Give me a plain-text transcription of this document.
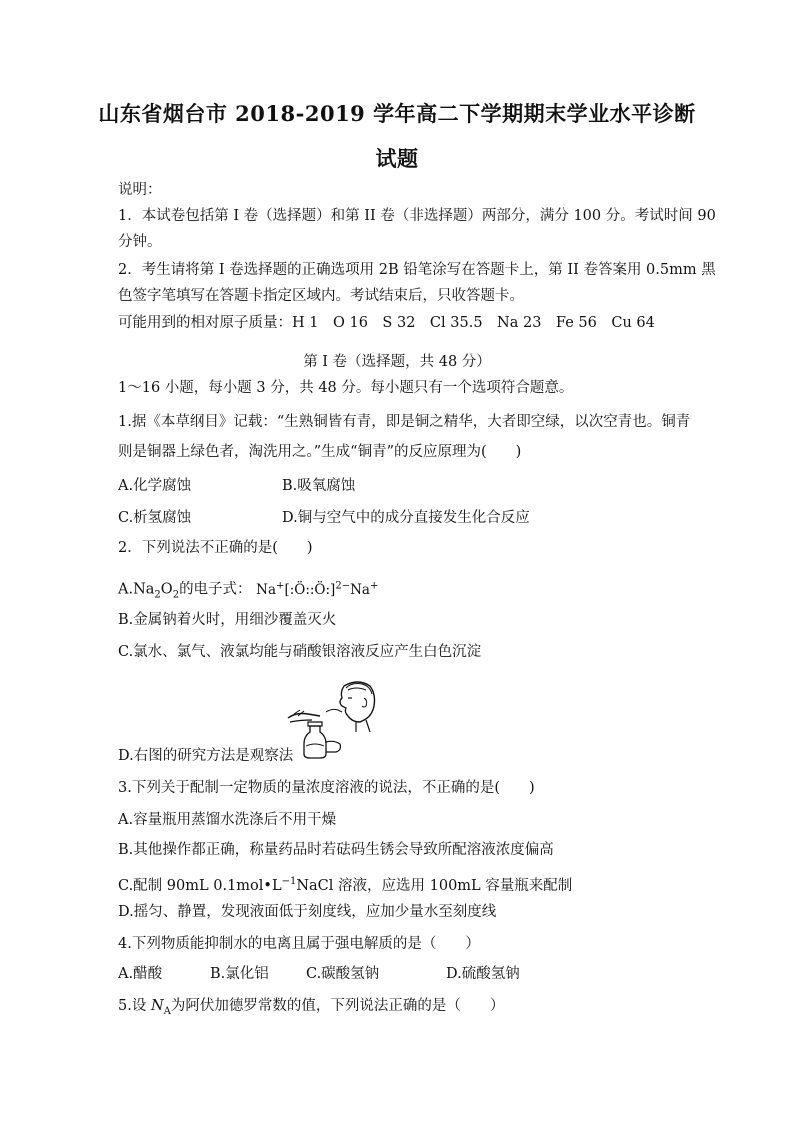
山东省烟台市 2018-2019 学年高二下学期期末学业水平诊断
试题
说明：
1．本试卷包括第 I 卷（选择题）和第 II 卷（非选择题）两部分，满分 100 分。考试时间 90
分钟。
2．考生请将第 I 卷选择题的正确选项用 2B 铅笔涂写在答题卡上，第 II 卷答案用 0.5mm 黑
色签字笔填写在答题卡指定区域内。考试结束后，只收答题卡。
可能用到的相对原子质量：H 1　O 16　S 32　Cl 35.5　Na 23　Fe 56　Cu 64
第 I 卷（选择题，共 48 分）
1～16 小题，每小题 3 分，共 48 分。每小题只有一个选项符合题意。
1.据《本草纲目》记载：“生熟铜皆有青，即是铜之精华，大者即空绿，以次空青也。铜青
则是铜器上绿色者，淘洗用之。”生成“铜青”的反应原理为(　　)
A.化学腐蚀	B.吸氧腐蚀
C.析氢腐蚀	D.铜与空气中的成分直接发生化合反应
2．下列说法不正确的是(　　)
$A.Na_2O_2$的电子式： Na+[:Ö::Ö:]$^{2-}$Na+
B.金属钠着火时，用细沙覆盖灭火
C.氯水、氯气、液氯均能与硝酸银溶液反应产生白色沉淀
D.右图的研究方法是观察法
3.下列关于配制一定物质的量浓度溶液的说法，不正确的是(　　)
A.容量瓶用蒸馏水洗涤后不用干燥
B.其他操作都正确，称量药品时若砝码生锈会导致所配溶液浓度偏高
C.配制 90mL $0.1mol•L^{-1}NaCl$ 溶液，应选用 100mL 容量瓶来配制
D.摇匀、静置，发现液面低于刻度线，应加少量水至刻度线
4.下列物质能抑制水的电离且属于强电解质的是（　　）
A.醋酸	B.氯化铝	C.碳酸氢钠	D.硫酸氢钠
5.设 $N_A$为阿伏加德罗常数的值，下列说法正确的是（　　）
